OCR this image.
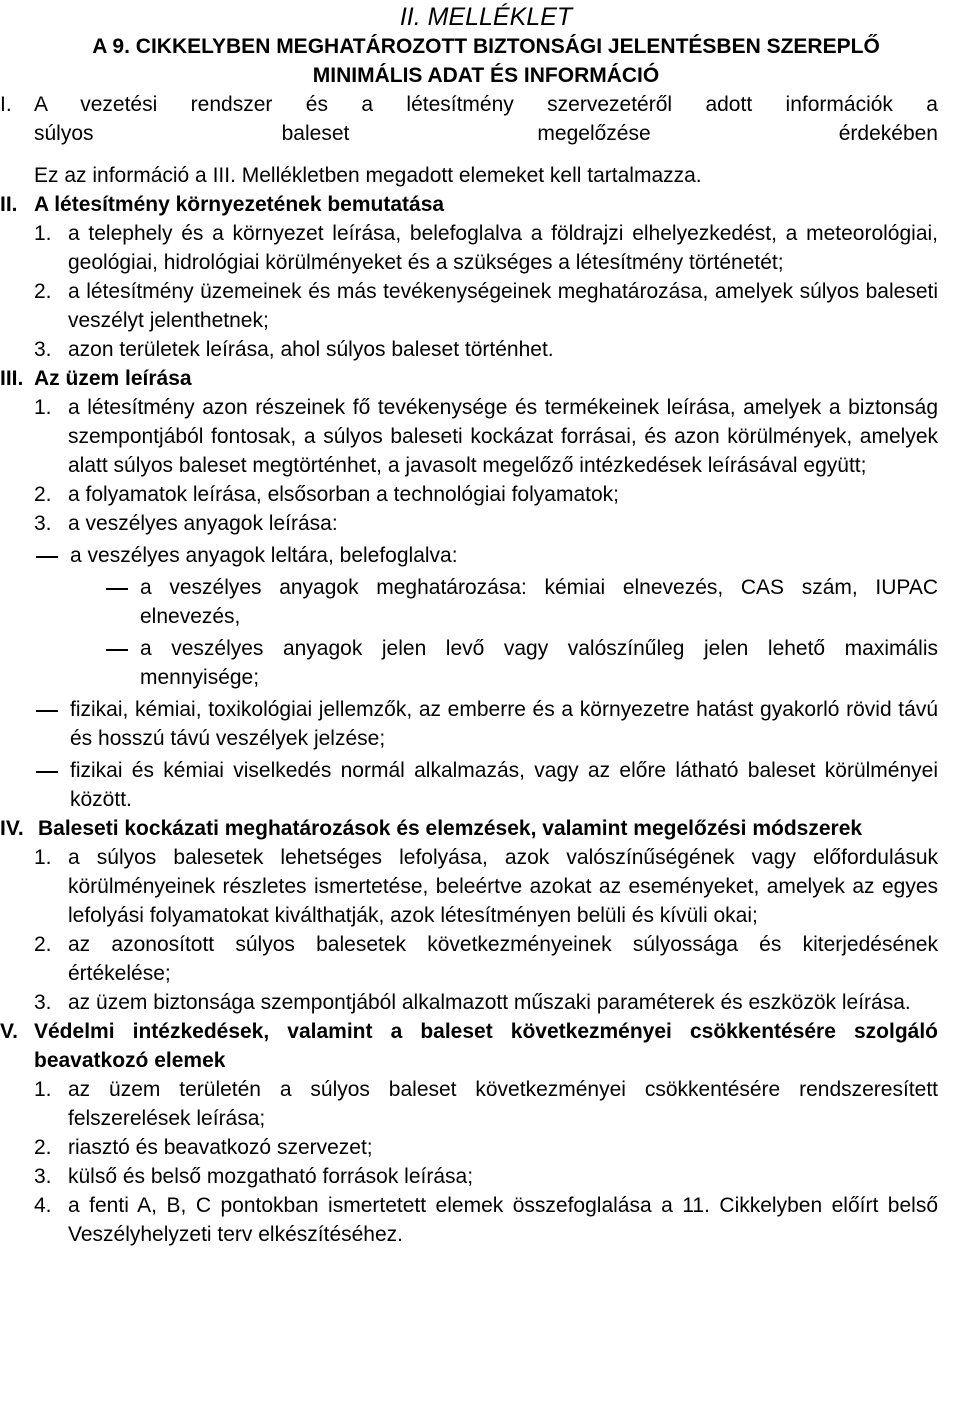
II. MELLÉKLET
A 9. CIKKELYBEN MEGHATÁROZOTT BIZTONSÁGI JELENTÉSBEN SZEREPLŐ
MINIMÁLIS ADAT ÉS INFORMÁCIÓ
I.	A vezetési rendszer és a létesítmény szervezetéről adott információk a

súlyos baleset megelőzése érdekében

Ez az információ a III. Mellékletben megadott elemeket kell tartalmazza.

II. A létesítmény környezetének bemutatása
1. a telephely és a környezet leírása, belefoglalva a földrajzi elhelyezkedést, a meteorológiai, geológiai, hidrológiai körülményeket és a szükséges a létesítmény történetét;
2. a létesítmény üzemeinek és más tevékenységeinek meghatározása, amelyek súlyos baleseti veszélyt jelenthetnek;
3. azon területek leírása, ahol súlyos baleset történhet.
III. Az üzem leírása
1. a létesítmény azon részeinek fő tevékenysége és termékeinek leírása, amelyek a biztonság szempontjából fontosak, a súlyos baleseti kockázat forrásai, és azon körülmények, amelyek alatt súlyos baleset megtörténhet, a javasolt megelőző intézkedések leírásával együtt;
2. a folyamatok leírása, elsősorban a technológiai folyamatok;
3. a veszélyes anyagok leírása:
a veszélyes anyagok leltára, belefoglalva:
a veszélyes anyagok meghatározása: kémiai elnevezés, CAS szám, IUPAC elnevezés,
a veszélyes anyagok jelen levő vagy valószínűleg jelen lehető maximális mennyisége;
fizikai, kémiai, toxikológiai jellemzők, az emberre és a környezetre hatást gyakorló rövid távú és hosszú távú veszélyek jelzése;
fizikai és kémiai viselkedés normál alkalmazás, vagy az előre látható baleset körülményei között.
IV. Baleseti kockázati meghatározások és elemzések, valamint megelőzési módszerek
1. a súlyos balesetek lehetséges lefolyása, azok valószínűségének vagy előfordulásuk körülményeinek részletes ismertetése, beleértve azokat az eseményeket, amelyek az egyes lefolyási folyamatokat kiválthatják, azok létesítményen belüli és kívüli okai;
2. az azonosított súlyos balesetek következményeinek súlyossága és kiterjedésének értékelése;
3. az üzem biztonsága szempontjából alkalmazott műszaki paraméterek és eszközök leírása.
V. Védelmi intézkedések, valamint a baleset következményei csökkentésére szolgáló beavatkozó elemek
1. az üzem területén a súlyos baleset következményei csökkentésére rendszeresített felszerelések leírása;
2. riasztó és beavatkozó szervezet;
3. külső és belső mozgatható források leírása;
4. a fenti A, B, C pontokban ismertetett elemek összefoglalása a 11. Cikkelyben előírt belső Veszélyhelyzeti terv elkészítéséhez.
